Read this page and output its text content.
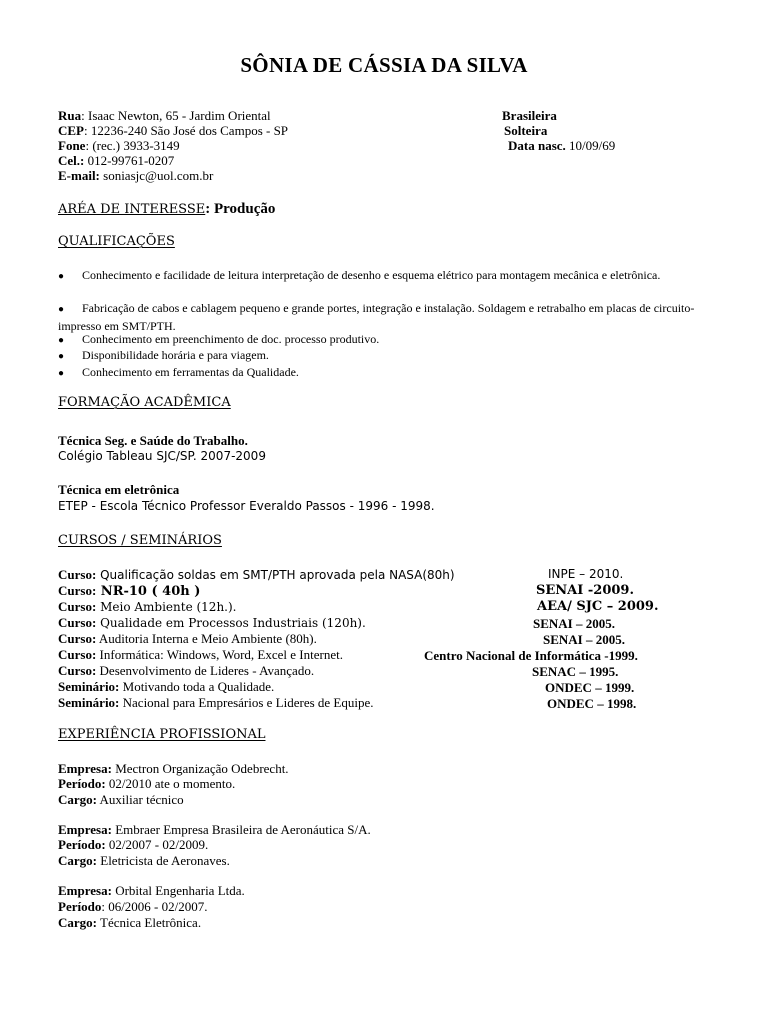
SÔNIA DE CÁSSIA DA SILVA
Rua: Isaac Newton, 65 - Jardim Oriental
CEP: 12236-240 São José dos Campos - SP
Fone: (rec.) 3933-3149
Cel.: 012-99761-0207
E-mail: soniasjc@uol.com.br
Brasileira
Solteira
Data nasc. 10/09/69
ARÉA DE INTERESSE: Produção
QUALIFICAÇÕES
● Conhecimento e facilidade de leitura interpretação de desenho e esquema elétrico para montagem mecânica e eletrônica.
● Fabricação de cabos e cablagem pequeno e grande portes, integração e instalação. Soldagem e retrabalho em placas de circuito-impresso em SMT/PTH.
● Conhecimento em preenchimento de doc. processo produtivo.
● Disponibilidade horária e para viagem.
● Conhecimento em ferramentas da Qualidade.
FORMAÇÃO ACADÊMICA
Técnica Seg. e Saúde do Trabalho.
Colégio Tableau SJC/SP. 2007-2009
Técnica em eletrônica
ETEP - Escola Técnico Professor Everaldo Passos - 1996 - 1998.
CURSOS / SEMINÁRIOS
Curso: Qualificação soldas em SMT/PTH aprovada pela NASA(80h)	INPE – 2010.
Curso: NR-10 ( 40h )	SENAI -2009.
Curso: Meio Ambiente (12h.).	AEA/ SJC – 2009.
Curso: Qualidade em Processos Industriais (120h).	SENAI – 2005.
Curso: Auditoria Interna e Meio Ambiente (80h).	SENAI – 2005.
Curso: Informática: Windows, Word, Excel e Internet.	Centro Nacional de Informática -1999.
Curso: Desenvolvimento de Lideres - Avançado.	SENAC – 1995.
Seminário: Motivando toda a Qualidade.	ONDEC – 1999.
Seminário: Nacional para Empresários e Lideres de Equipe.	ONDEC – 1998.
EXPERIÊNCIA PROFISSIONAL
Empresa: Mectron Organização Odebrecht.
Período: 02/2010 ate o momento.
Cargo: Auxiliar técnico
Empresa: Embraer Empresa Brasileira de Aeronáutica S/A.
Período: 02/2007 - 02/2009.
Cargo: Eletricista de Aeronaves.
Empresa: Orbital Engenharia Ltda.
Período: 06/2006 - 02/2007.
Cargo: Técnica Eletrônica.
